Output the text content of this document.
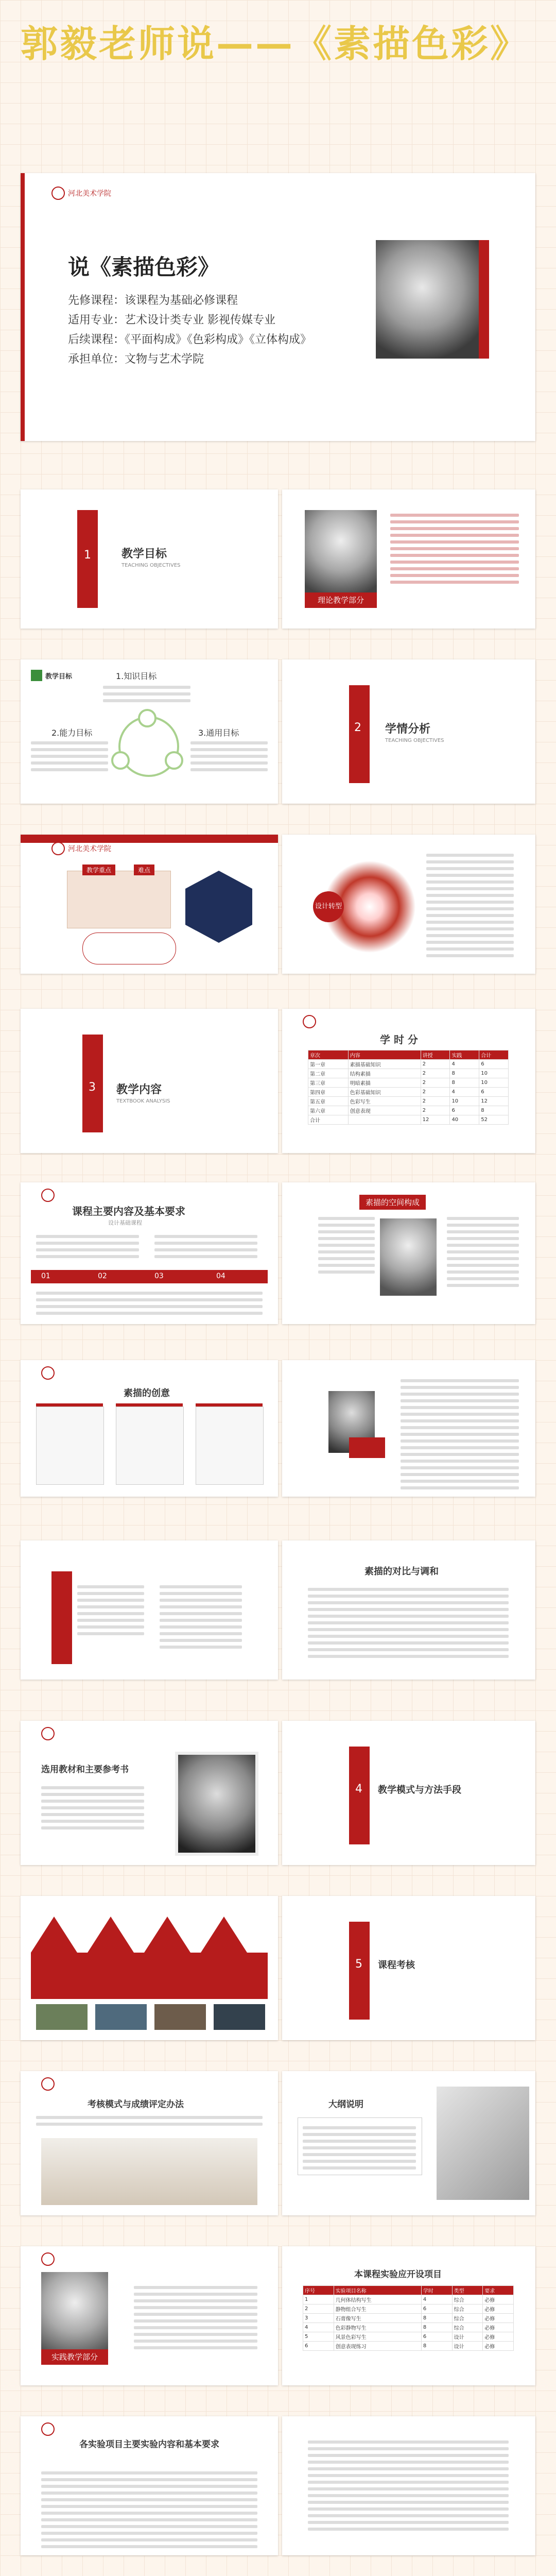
郭毅老师说——《素描色彩》
河北美术学院
说《素描色彩》
先修课程：该课程为基础必修课程
适用专业：艺术设计类专业 影视传媒专业
后续课程：《平面构成》《色彩构成》《立体构成》
承担单位：文物与艺术学院
1	教学目标
TEACHING OBJECTIVES
理论教学部分
教学目标	1.知识目标
2.能力目标	3.通用目标	2 学情分析
TEACHING OBJECTIVES
河北美术学院
教学重点	难点
设计转型
3 教学内容
TEXTBOOK ANALYSIS
学 时 分
章次	内容	讲授	实践	合计
第一章	素描基础知识	2	4	6
第二章	结构素描	2	8	10
第三章	明暗素描	2	8	10
第四章	色彩基础知识	2	4	6
第五章	色彩写生	2	10	12
第六章	创意表现	2	6	8
合计		12	40	52
课程主要内容及基本要求
设计基础课程
01	02	03	04
素描的空间构成
素描的创意
素描的对比与调和
选用教材和主要参考书
4 教学模式与方法手段
5 课程考核
考核模式与成绩评定办法	大纲说明
实践教学部分
本课程实验应开设项目
序号	实验项目名称	学时	类型	要求
1	几何体结构写生	4	综合	必修
2	静物组合写生	6	综合	必修
3	石膏像写生	8	综合	必修
4	色彩静物写生	8	综合	必修
5	风景色彩写生	6	设计	必修
6	创意表现练习	8	设计	必修
各实验项目主要实验内容和基本要求
